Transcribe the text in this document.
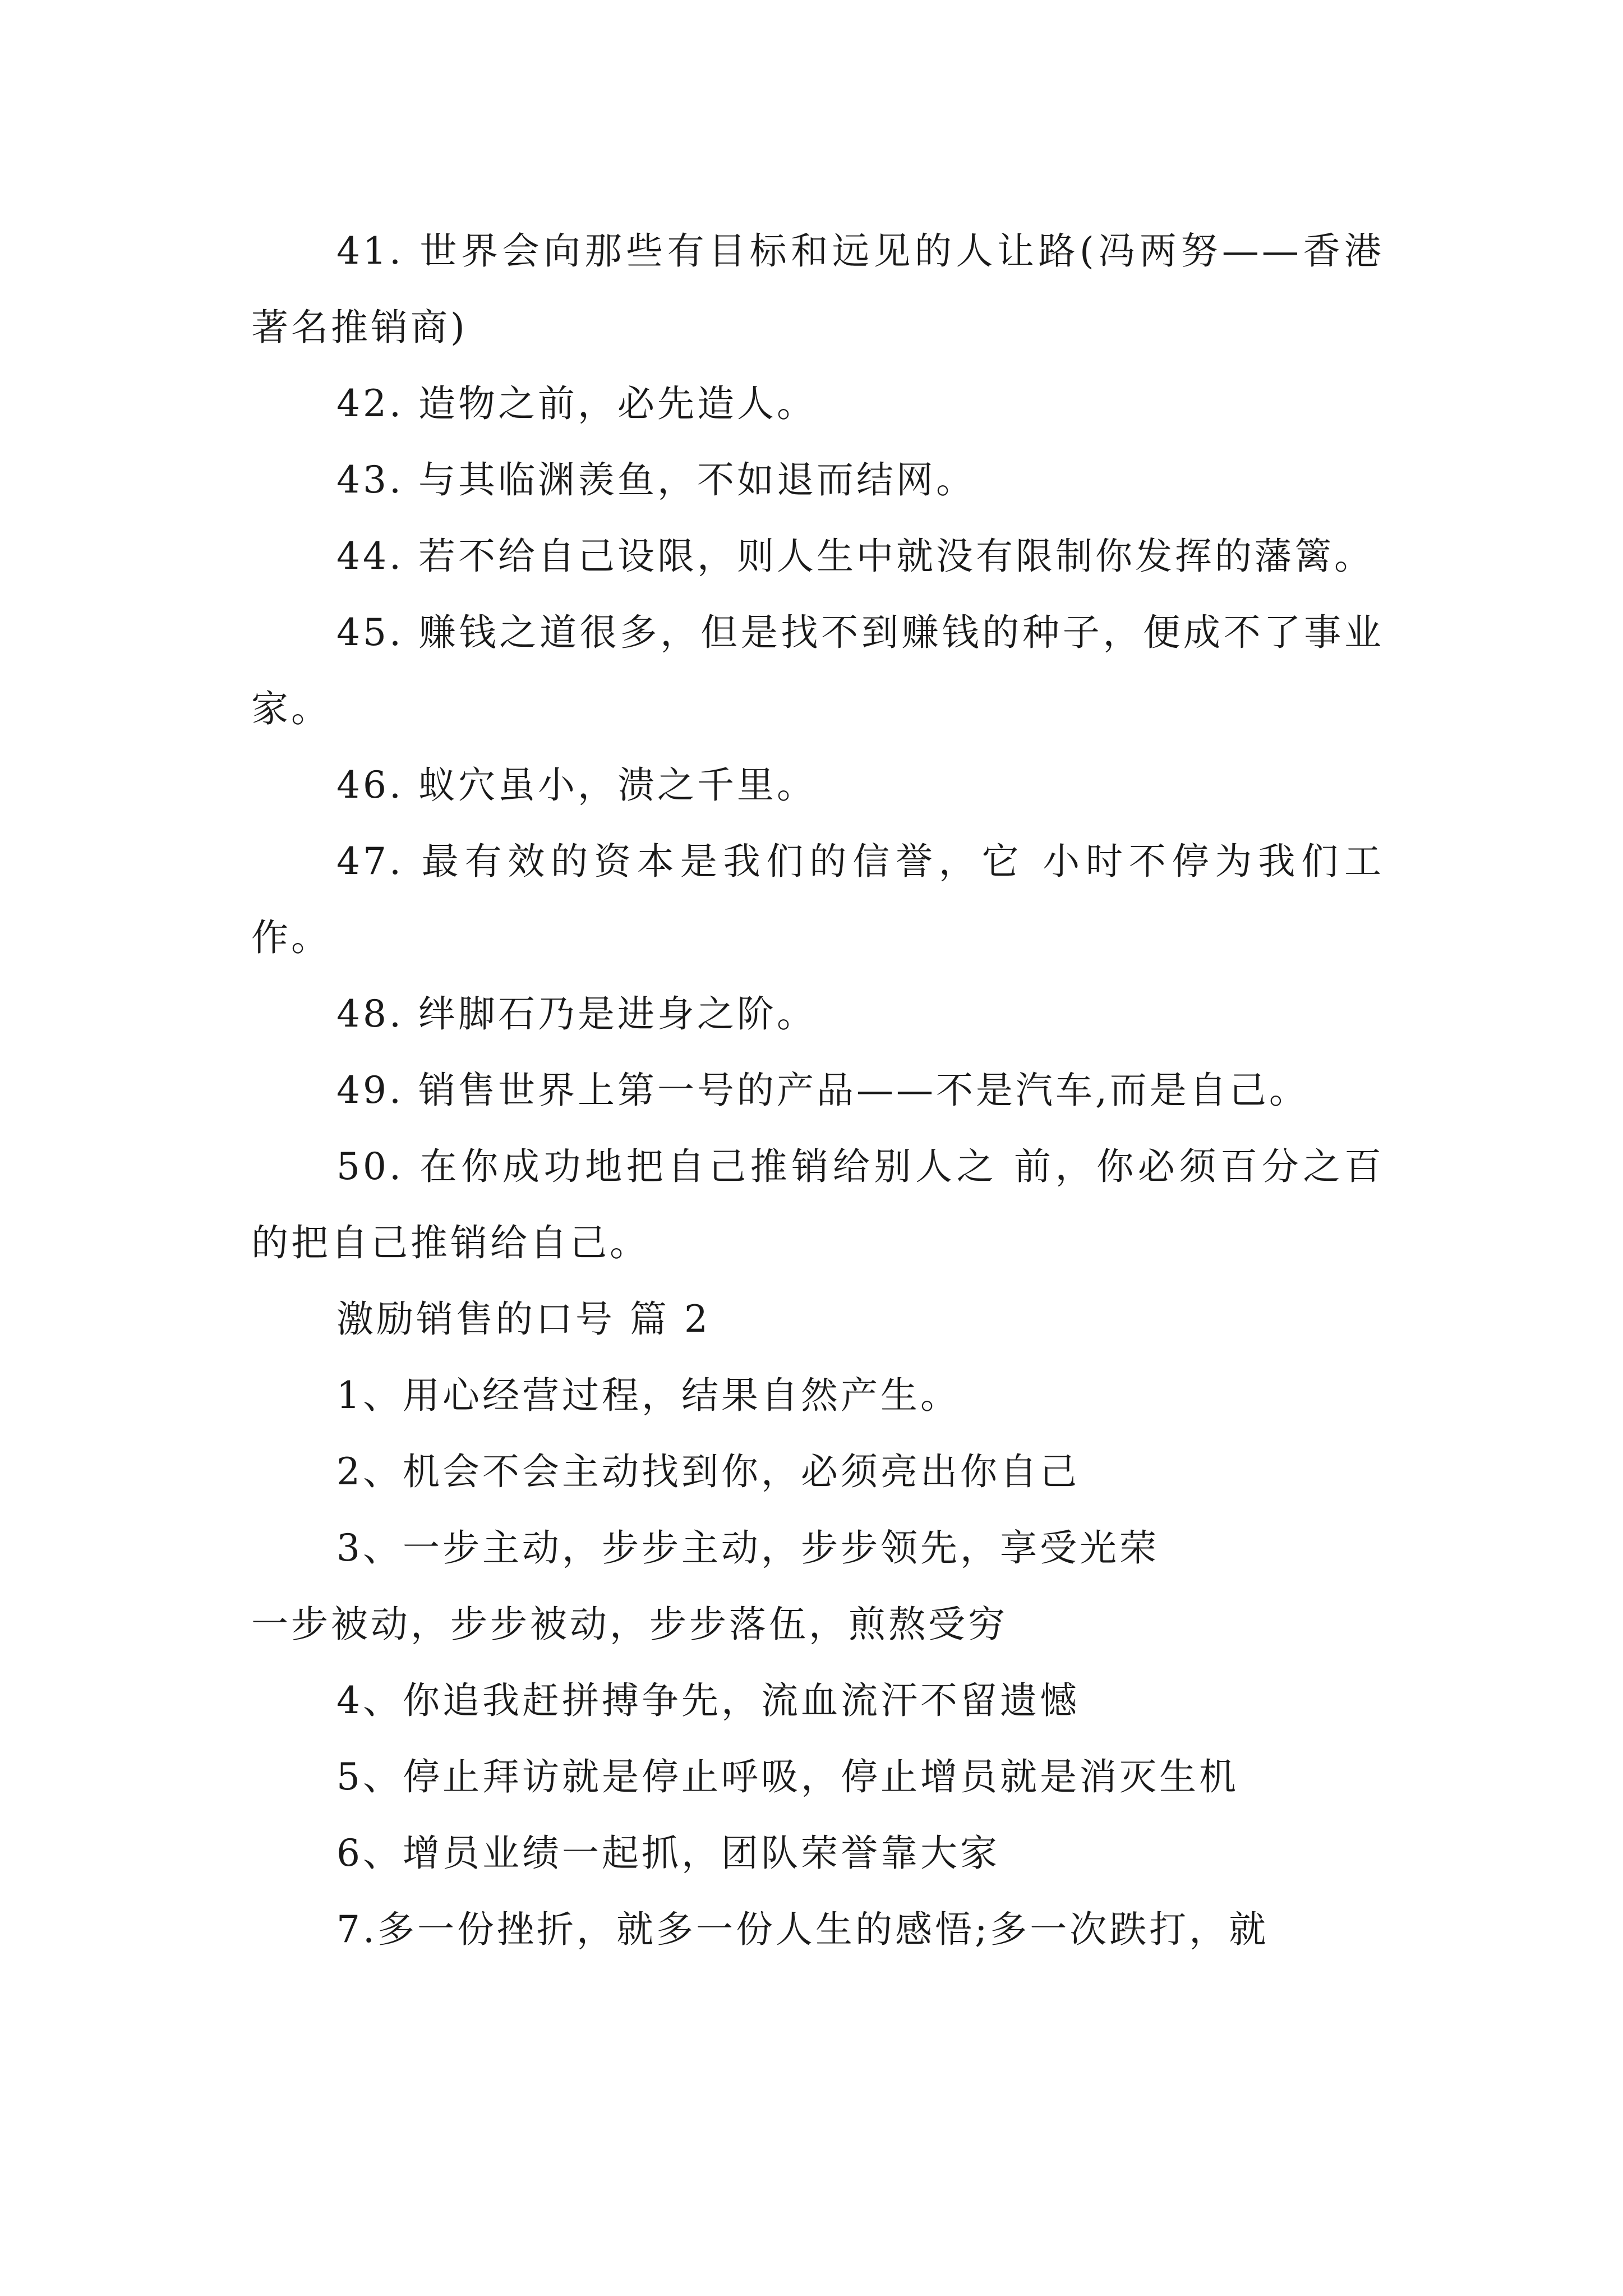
41. 世界会向那些有目标和远见的人让路(冯两努——香港著名推销商)

42. 造物之前，必先造人。

43. 与其临渊羡鱼，不如退而结网。

44. 若不给自己设限，则人生中就没有限制你发挥的藩篱。

45. 赚钱之道很多，但是找不到赚钱的种子，便成不了事业家。

46. 蚁穴虽小，溃之千里。

47. 最有效的资本是我们的信誉，它 小时不停为我们工作。

48. 绊脚石乃是进身之阶。

49. 销售世界上第一号的产品——不是汽车,而是自己。

50. 在你成功地把自己推销给别人之 前，你必须百分之百的把自己推销给自己。

激励销售的口号 篇 2

1、用心经营过程，结果自然产生。

2、机会不会主动找到你，必须亮出你自己

3、一步主动，步步主动，步步领先，享受光荣

一步被动，步步被动，步步落伍，煎熬受穷

4、你追我赶拼搏争先，流血流汗不留遗憾

5、停止拜访就是停止呼吸，停止增员就是消灭生机

6、增员业绩一起抓，团队荣誉靠大家

7.多一份挫折，就多一份人生的感悟;多一次跌打，就
